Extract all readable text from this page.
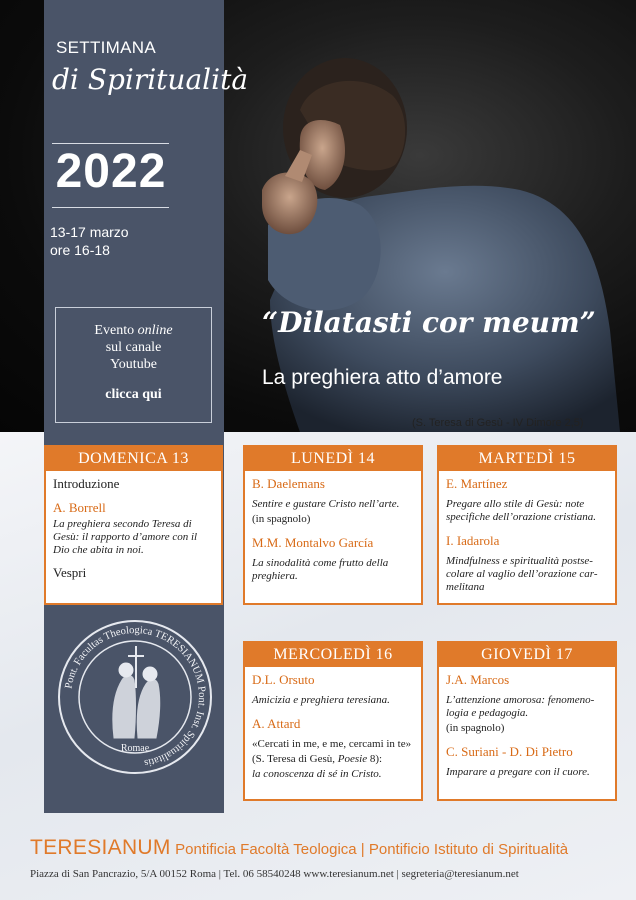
SETTIMANA
di Spiritualità
2022
13-17 marzo
ore 16-18
Evento online
sul canale
Youtube
clicca qui
“Dilatasti cor meum”
La preghiera atto d’amore
(S. Teresa di Gesù - IV Dimore 2,5)
DOMENICA 13
Introduzione
A. Borrell
La preghiera secondo Teresa di Gesù: il rapporto d’amore con il Dio che abita in noi.
Vespri
LUNEDÌ 14
B. Daelemans
Sentire e gustare Cristo nell’arte.
(in spagnolo)
M.M. Montalvo García
La sinodalità come frutto della preghiera.
MARTEDÌ 15
E. Martínez
Pregare allo stile di Gesù: note specifiche dell’orazione cristiana.
I. Iadarola
Mindfulness e spiritualità postse-colare al vaglio dell’orazione car-melitana
MERCOLEDÌ 16
D.L. Orsuto
Amicizia e preghiera teresiana.
A. Attard
«Cercati in me, e me, cercami in te»
(S. Teresa di Gesù, Poesie 8):
la conoscenza di sé in Cristo.
GIOVEDÌ 17
J.A. Marcos
L’attenzione amorosa: fenomeno-logia e pedagogia.
(in spagnolo)
C. Suriani - D. Di Pietro
Imparare a pregare con il cuore.
Pont. Facultas Theologica TERESIANUM Pont. Inst. Spiritualitatis
Romae
TERESIANUM Pontificia Facoltà Teologica | Pontificio Istituto di Spiritualità
Piazza di San Pancrazio, 5/A 00152 Roma | Tel. 06 58540248 www.teresianum.net | segreteria@teresianum.net
